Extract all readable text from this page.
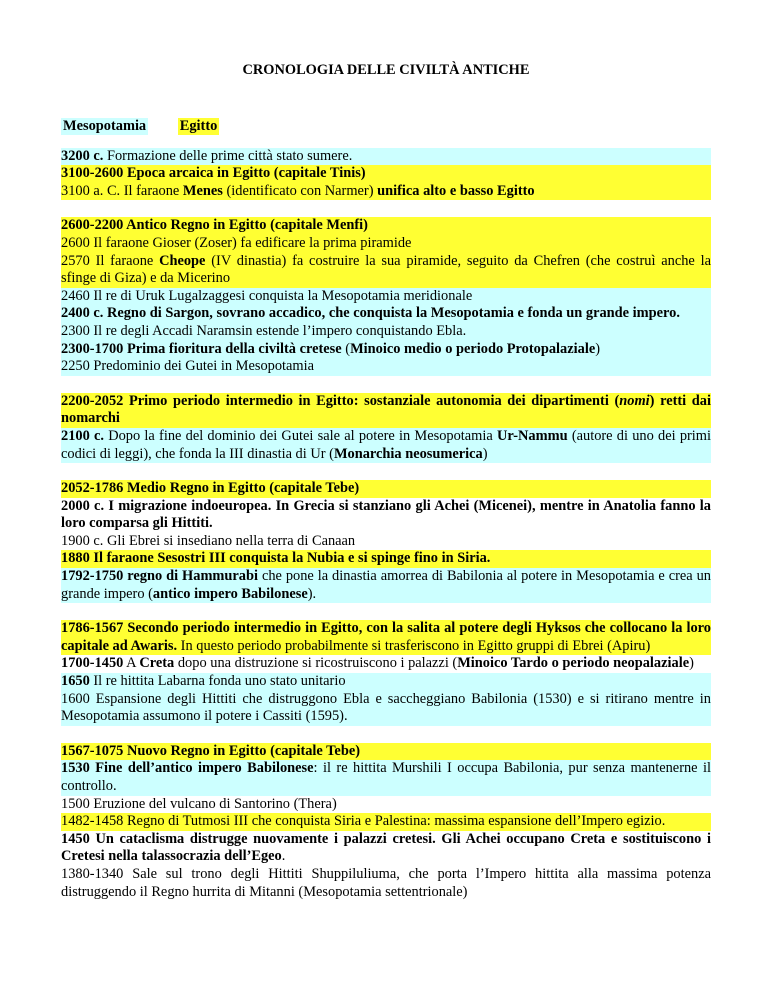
CRONOLOGIA DELLE CIVILTÀ ANTICHE
Mesopotamia Egitto
3200 c. Formazione delle prime città stato sumere.
3100-2600 Epoca arcaica in Egitto (capitale Tinis)
3100 a. C. Il faraone Menes (identificato con Narmer) unifica alto e basso Egitto
2600-2200 Antico Regno in Egitto (capitale Menfi)
2600 Il faraone Gioser (Zoser) fa edificare la prima piramide
2570 Il faraone Cheope (IV dinastia) fa costruire la sua piramide, seguito da Chefren (che costruì anche la sfinge di Giza) e da Micerino
2460 Il re di Uruk Lugalzaggesi conquista la Mesopotamia meridionale
2400 c. Regno di Sargon, sovrano accadico, che conquista la Mesopotamia e fonda un grande impero.
2300 Il re degli Accadi Naramsin estende l’impero conquistando Ebla.
2300-1700 Prima fioritura della civiltà cretese (Minoico medio o periodo Protopalaziale)
2250 Predominio dei Gutei in Mesopotamia
2200-2052 Primo periodo intermedio in Egitto: sostanziale autonomia dei dipartimenti (nomi) retti dai nomarchi
2100 c. Dopo la fine del dominio dei Gutei sale al potere in Mesopotamia Ur-Nammu (autore di uno dei primi codici di leggi), che fonda la III dinastia di Ur (Monarchia neosumerica)
2052-1786 Medio Regno in Egitto (capitale Tebe)
2000 c. I migrazione indoeuropea. In Grecia si stanziano gli Achei (Micenei), mentre in Anatolia fanno la loro comparsa gli Hittiti.
1900 c. Gli Ebrei si insediano nella terra di Canaan
1880 Il faraone Sesostri III conquista la Nubia e si spinge fino in Siria.
1792-1750 regno di Hammurabi che pone la dinastia amorrea di Babilonia al potere in Mesopotamia e crea un grande impero (antico impero Babilonese).
1786-1567 Secondo periodo intermedio in Egitto, con la salita al potere degli Hyksos che collocano la loro capitale ad Awaris. In questo periodo probabilmente si trasferiscono in Egitto gruppi di Ebrei (Apiru)
1700-1450 A Creta dopo una distruzione si ricostruiscono i palazzi (Minoico Tardo o periodo neopalaziale)
1650 Il re hittita Labarna fonda uno stato unitario
1600 Espansione degli Hittiti che distruggono Ebla e saccheggiano Babilonia (1530) e si ritirano mentre in Mesopotamia assumono il potere i Cassiti (1595).
1567-1075 Nuovo Regno in Egitto (capitale Tebe)
1530 Fine dell’antico impero Babilonese: il re hittita Murshili I occupa Babilonia, pur senza mantenerne il controllo.
1500 Eruzione del vulcano di Santorino (Thera)
1482-1458 Regno di Tutmosi III che conquista Siria e Palestina: massima espansione dell’Impero egizio.
1450 Un cataclisma distrugge nuovamente i palazzi cretesi. Gli Achei occupano Creta e sostituiscono i Cretesi nella talassocrazia dell’Egeo.
1380-1340 Sale sul trono degli Hittiti Shuppiluliuma, che porta l’Impero hittita alla massima potenza distruggendo il Regno hurrita di Mitanni (Mesopotamia settentrionale)
